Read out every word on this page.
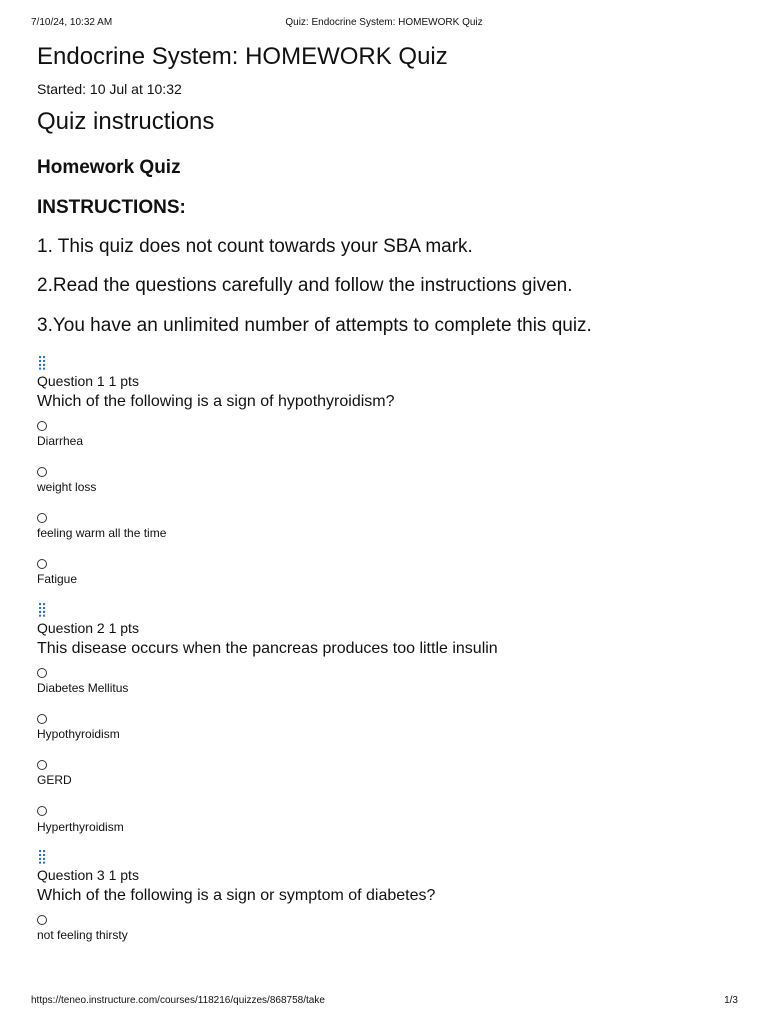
7/10/24, 10:32 AM	Quiz: Endocrine System: HOMEWORK Quiz
Endocrine System: HOMEWORK Quiz
Started: 10 Jul at 10:32
Quiz instructions
Homework Quiz
INSTRUCTIONS:
1. This quiz does not count towards your SBA mark.
2.Read the questions carefully and follow the instructions given.
3.You have an unlimited number of attempts to complete this quiz.
⣿
Question 1 1 pts
Which of the following is a sign of hypothyroidism?
Diarrhea
weight loss
feeling warm all the time
Fatigue
⣿
Question 2 1 pts
This disease occurs when the pancreas produces too little insulin
Diabetes Mellitus
Hypothyroidism
GERD
Hyperthyroidism
⣿
Question 3 1 pts
Which of the following is a sign or symptom of diabetes?
not feeling thirsty
https://teneo.instructure.com/courses/118216/quizzes/868758/take	1/3
